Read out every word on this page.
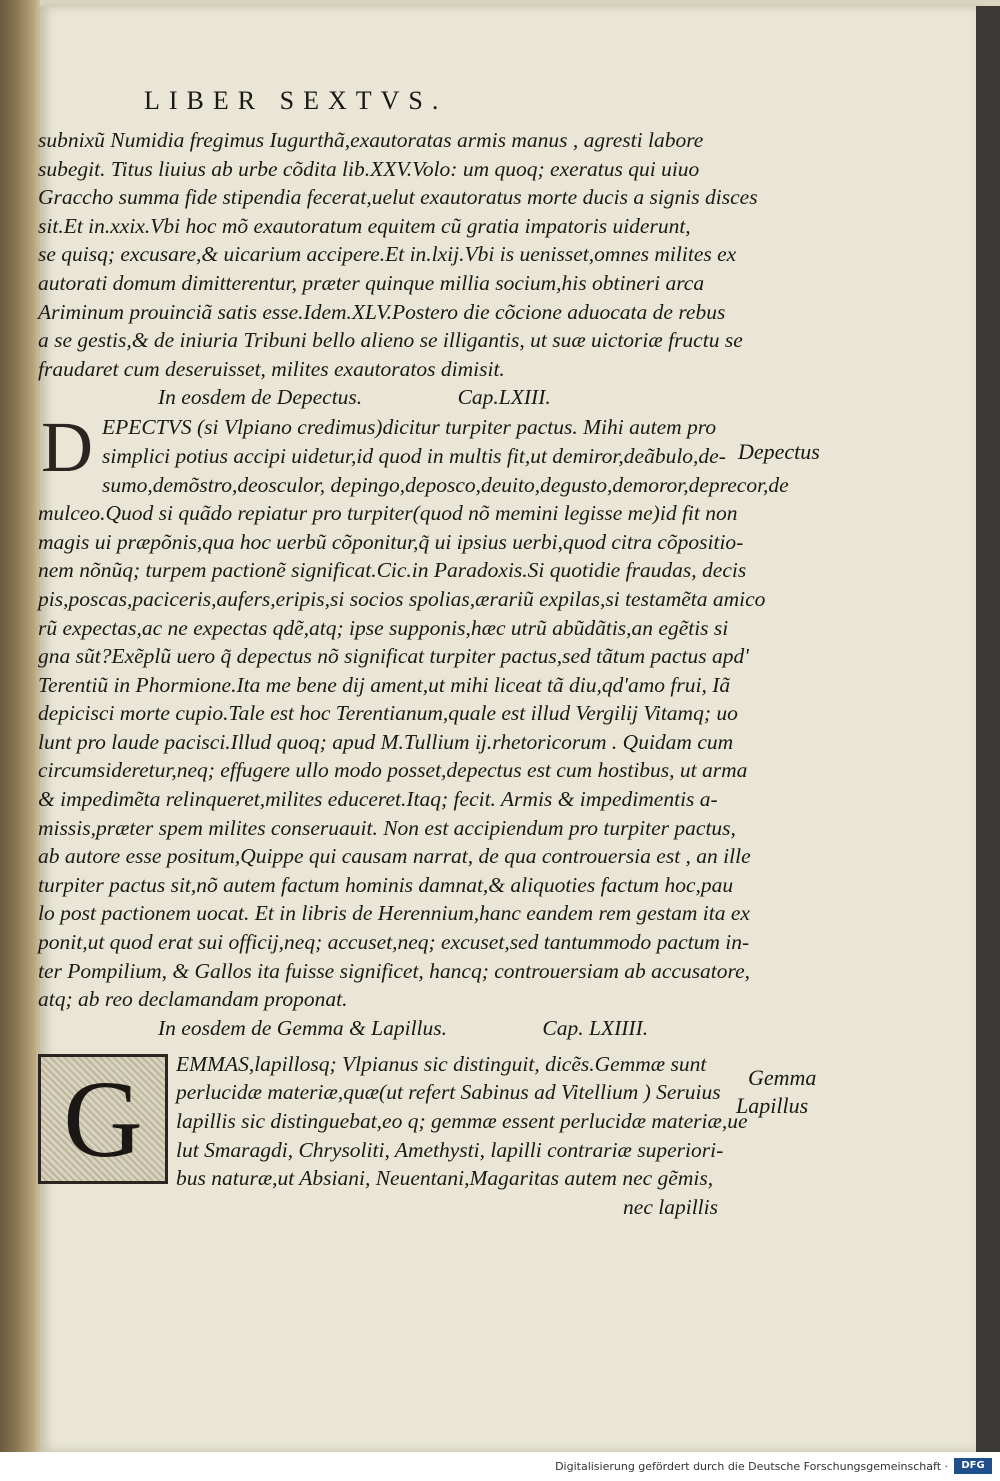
LIBER SEXTVS.
subnixũ Numidia fregimus Iugurthã,exautoratas armis manus , agresti labore
subegit. Titus liuius ab urbe cõdita lib.XXV.Volo: um quoq; exeratus qui uiuo
Graccho summa fide stipendia fecerat,uelut exautoratus morte ducis a signis disces
sit.Et in.xxix.Vbi hoc mõ exautoratum equitem cũ gratia impatoris uiderunt,
se quisq; excusare,& uicarium accipere.Et in.lxij.Vbi is uenisset,omnes milites ex
autorati domum dimitterentur, præter quinque millia socium,his obtineri arca
Ariminum prouinciã satis esse.Idem.XLV.Postero die cõcione aduocata de rebus
a se gestis,& de iniuria Tribuni bello alieno se illigantis, ut suæ uictoriæ fructu se
fraudaret cum deseruisset, milites exautoratos dimisit.
In eosdem de Depectus.	Cap.LXIII.
D EPECTVS (si Vlpiano credimus)dicitur turpiter pactus. Mihi autem pro
simplici potius accipi uidetur,id quod in multis fit,ut demiror,deãbulo,de-
sumo,demõstro,deosculor, depingo,deposco,deuito,degusto,demoror,deprecor,de
mulceo.Quod si quãdo repiatur pro turpiter(quod nõ memini legisse me)id fit non
magis ui præpõnis,qua hoc uerbũ cõponitur,q̃ ui ipsius uerbi,quod citra cõpositio-
nem nõnũq; turpem pactionẽ significat.Cic.in Paradoxis.Si quotidie fraudas, decis
pis,poscas,paciceris,aufers,eripis,si socios spolias,ærariũ expilas,si testamẽta amico
rũ expectas,ac ne expectas qdẽ,atq; ipse supponis,hæc utrũ abũdãtis,an egẽtis si
gna sũt?Exẽplũ uero q̃ depectus nõ significat turpiter pactus,sed tãtum pactus apd'
Terentiũ in Phormione.Ita me bene dij ament,ut mihi liceat tã diu,qd'amo frui, Iã
depicisci morte cupio.Tale est hoc Terentianum,quale est illud Vergilij Vitamq; uo
lunt pro laude pacisci.Illud quoq; apud M.Tullium ij.rhetoricorum . Quidam cum
circumsideretur,neq; effugere ullo modo posset,depectus est cum hostibus, ut arma
& impedimẽta relinqueret,milites educeret.Itaq; fecit. Armis & impedimentis a-
missis,præter spem milites conseruauit. Non est accipiendum pro turpiter pactus,
ab autore esse positum,Quippe qui causam narrat, de qua controuersia est , an ille
turpiter pactus sit,nõ autem factum hominis damnat,& aliquoties factum hoc,pau
lo post pactionem uocat. Et in libris de Herennium,hanc eandem rem gestam ita ex
ponit,ut quod erat sui officij,neq; accuset,neq; excuset,sed tantummodo pactum in-
ter Pompilium, & Gallos ita fuisse significet, hancq; controuersiam ab accusatore,
atq; ab reo declamandam proponat.
In eosdem de Gemma & Lapillus.	Cap. LXIIII.
G	EMMAS,lapillosq; Vlpianus sic distinguit, dicẽs.Gemmæ sunt
perlucidæ materiæ,quæ(ut refert Sabinus ad Vitellium ) Seruius
lapillis sic distinguebat,eo q; gemmæ essent perlucidæ materiæ,ue
lut Smaragdi, Chrysoliti, Amethysti, lapilli contrariæ superiori-
bus naturæ,ut Absiani, Neuentani,Magaritas autem nec gẽmis,
nec lapillis
Depectus
Gemma
Lapillus
Digitalisierung gefördert durch die Deutsche Forschungsgemeinschaft ·	DFG
